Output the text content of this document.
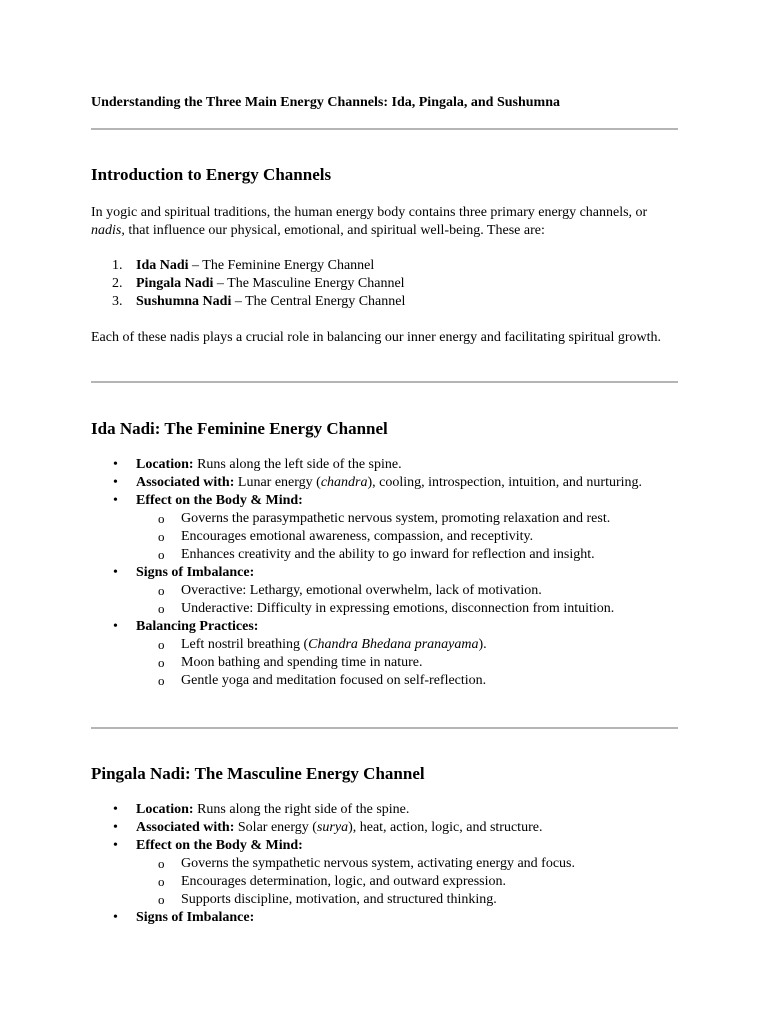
Understanding the Three Main Energy Channels: Ida, Pingala, and Sushumna
Introduction to Energy Channels

In yogic and spiritual traditions, the human energy body contains three primary energy channels, or nadis, that influence our physical, emotional, and spiritual well-being. These are:

1. Ida Nadi – The Feminine Energy Channel
2. Pingala Nadi – The Masculine Energy Channel
3. Sushumna Nadi – The Central Energy Channel

Each of these nadis plays a crucial role in balancing our inner energy and facilitating spiritual growth.

Ida Nadi: The Feminine Energy Channel
• Location: Runs along the left side of the spine.
• Associated with: Lunar energy (chandra), cooling, introspection, intuition, and nurturing.
• Effect on the Body & Mind:
o Governs the parasympathetic nervous system, promoting relaxation and rest.
o Encourages emotional awareness, compassion, and receptivity.
o Enhances creativity and the ability to go inward for reflection and insight.
• Signs of Imbalance:
o Overactive: Lethargy, emotional overwhelm, lack of motivation.
o Underactive: Difficulty in expressing emotions, disconnection from intuition.
• Balancing Practices:
o Left nostril breathing (Chandra Bhedana pranayama).
o Moon bathing and spending time in nature.
o Gentle yoga and meditation focused on self-reflection.
Pingala Nadi: The Masculine Energy Channel
• Location: Runs along the right side of the spine.
• Associated with: Solar energy (surya), heat, action, logic, and structure.
• Effect on the Body & Mind:
o Governs the sympathetic nervous system, activating energy and focus.
o Encourages determination, logic, and outward expression.
o Supports discipline, motivation, and structured thinking.
• Signs of Imbalance:
